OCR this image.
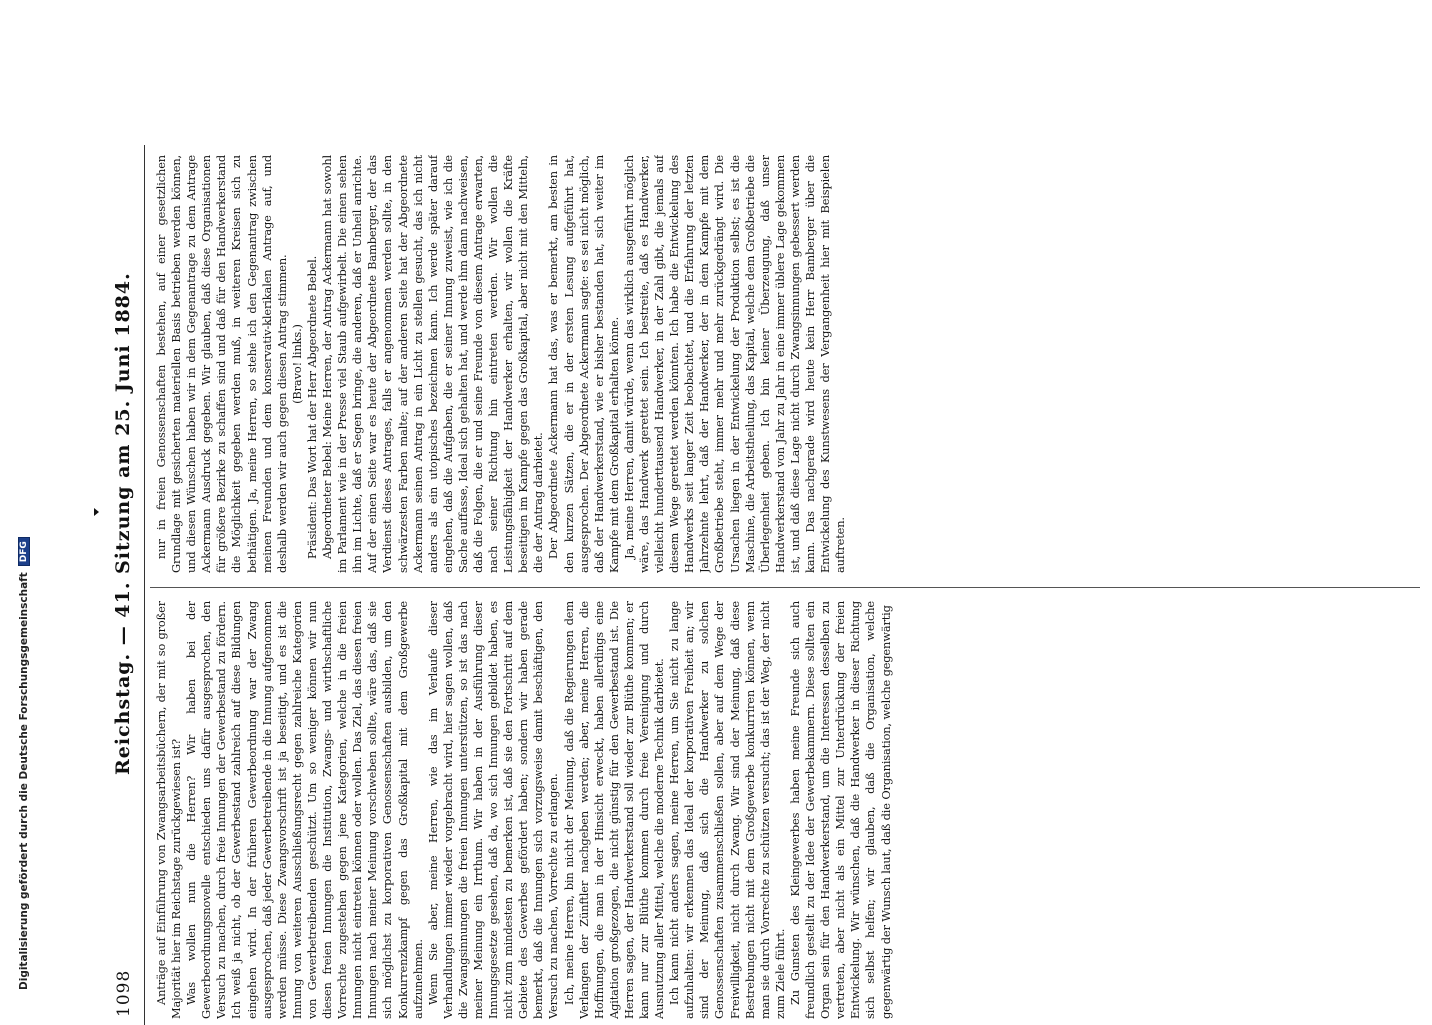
Digitalisierung gefördert durch die Deutsche ForschungsgemeinschaftDFG
1098
Reichstag. — 41. Sitzung am 25. Juni 1884.

Anträge auf Einführung von Zwangsarbeitsbüchern, der mit so großer Majorität hier im Reichstage zurückgewiesen ist? Was wollen nun die Herren? Wir haben bei der Gewerbeordnungsnovelle entschieden uns dafür ausgesprochen, den Versuch zu machen, durch freie Innungen der Gewerbestand zu fördern. Ich weiß ja nicht, ob der Gewerbestand zahlreich auf diese Bildungen eingehen wird. In der früheren Gewerbeordnung war der Zwang ausgesprochen, daß jeder Gewerbetreibende in die Innung aufgenommen werden müsse. Diese Zwangsvorschrift ist ja beseitigt, und es ist die Innung von weiteren Ausschließungsrecht gegen zahlreiche Kategorien von Gewerbetreibenden geschützt. Um so weniger können wir nun diesen freien Innungen die Institution, Zwangs- und wirthschaftliche Vorrechte zugestehen gegen jene Kategorien, welche in die freien Innungen nicht eintreten können oder wollen. Das Ziel, das diesen freien Innungen nach meiner Meinung vorschweben sollte, wäre das, daß sie sich möglichst zu korporativen Genossenschaften ausbilden, um den Konkurrenzkampf gegen das Großkapital mit dem Großgewerbe aufzunehmen. Wenn Sie aber, meine Herren, wie das im Verlaufe dieser Verhandlungen immer wieder vorgebracht wird, hier sagen wollen, daß die Zwangsinnungen die freien Innungen unterstützen, so ist das nach meiner Meinung ein Irrthum. Wir haben in der Ausführung dieser Innungsgesetze gesehen, daß da, wo sich Innungen gebildet haben, es nicht zum mindesten zu bemerken ist, daß sie den Fortschritt auf dem Gebiete des Gewerbes gefördert haben; sondern wir haben gerade bemerkt, daß die Innungen sich vorzugsweise damit beschäftigen, den Versuch zu machen, Vorrechte zu erlangen. Ich, meine Herren, bin nicht der Meinung, daß die Regierungen dem Verlangen der Zünftler nachgeben werden; aber, meine Herren, die Hoffnungen, die man in der Hinsicht erweckt, haben allerdings eine Agitation großgezogen, die nicht günstig für den Gewerbestand ist. Die Herren sagen, der Handwerkerstand soll wieder zur Blüthe kommen; er kann nur zur Blüthe kommen durch freie Vereinigung und durch Ausnutzung aller Mittel, welche die moderne Technik darbietet. Ich kann nicht anders sagen, meine Herren, um Sie nicht zu lange aufzuhalten: wir erkennen das Ideal der korporativen Freiheit an; wir sind der Meinung, daß sich die Handwerker zu solchen Genossenschaften zusammenschließen sollen, aber auf dem Wege der Freiwilligkeit, nicht durch Zwang. Wir sind der Meinung, daß diese Bestrebungen nicht mit dem Großgewerbe konkurriren können, wenn man sie durch Vorrechte zu schützen versucht; das ist der Weg, der nicht zum Ziele führt. Zu Gunsten des Kleingewerbes haben meine Freunde sich auch freundlich gestellt zu der Idee der Gewerbekammern. Diese sollten ein Organ sein für den Handwerkerstand, um die Interessen desselben zu vertreten, aber nicht als ein Mittel zur Unterdrückung der freien Entwickelung. Wir wünschen, daß die Handwerker in dieser Richtung sich selbst helfen; wir glauben, daß die Organisation, welche gegenwärtig der Wunsch laut, daß die Organisation, welche gegenwärtig

nur in freien Genossenschaften bestehen, auf einer gesetzlichen Grundlage mit gesicherten materiellen Basis betrieben werden können, und diesen Wünschen haben wir in dem Gegenantrage zu dem Antrage Ackermann Ausdruck gegeben. Wir glauben, daß diese Organisationen für größere Bezirke zu schaffen sind und daß für den Handwerkerstand die Möglichkeit gegeben werden muß, in weiteren Kreisen sich zu bethätigen. Ja, meine Herren, so stehe ich den Gegenantrag zwischen meinen Freunden und dem konservativ-klerikalen Antrage auf, und deshalb werden wir auch gegen diesen Antrag stimmen. (Bravo! links.) Präsident: Das Wort hat der Herr Abgeordnete Bebel. Abgeordneter Bebel: Meine Herren, der Antrag Ackermann hat sowohl im Parlament wie in der Presse viel Staub aufgewirbelt. Die einen sehen ihn im Lichte, daß er Segen bringe, die anderen, daß er Unheil anrichte. Auf der einen Seite war es heute der Abgeordnete Bamberger, der das Verdienst dieses Antrages, falls er angenommen werden sollte, in den schwärzesten Farben malte; auf der anderen Seite hat der Abgeordnete Ackermann seinen Antrag in ein Licht zu stellen gesucht, das ich nicht anders als ein utopisches bezeichnen kann. Ich werde später darauf eingehen, daß die Aufgaben, die er seiner Innung zuweist, wie ich die Sache auffasse, Ideal sich gehalten hat, und werde ihm dann nachweisen, daß die Folgen, die er und seine Freunde von diesem Antrage erwarten, nach seiner Richtung hin eintreten werden. Wir wollen die Leistungsfähigkeit der Handwerker erhalten, wir wollen die Kräfte beseitigen im Kampfe gegen das Großkapital, aber nicht mit den Mitteln, die der Antrag darbietet. Der Abgeordnete Ackermann hat das, was er bemerkt, am besten in den kurzen Sätzen, die er in der ersten Lesung aufgeführt hat, ausgesprochen. Der Abgeordnete Ackermann sagte: es sei nicht möglich, daß der Handwerkerstand, wie er bisher bestanden hat, sich weiter im Kampfe mit dem Großkapital erhalten könne. Ja, meine Herren, damit würde, wenn das wirklich ausgeführt möglich wäre, das Handwerk gerettet sein. Ich bestreite, daß es Handwerker, vielleicht hunderttausend Handwerker, in der Zahl gibt, die jemals auf diesem Wege gerettet werden könnten. Ich habe die Entwickelung des Handwerks seit langer Zeit beobachtet, und die Erfahrung der letzten Jahrzehnte lehrt, daß der Handwerker, der in dem Kampfe mit dem Großbetriebe steht, immer mehr und mehr zurückgedrängt wird. Die Ursachen liegen in der Entwickelung der Produktion selbst; es ist die Maschine, die Arbeitstheilung, das Kapital, welche dem Großbetriebe die Überlegenheit geben. Ich bin keiner Überzeugung, daß unser Handwerkerstand von Jahr zu Jahr in eine immer üblere Lage gekommen ist, und daß diese Lage nicht durch Zwangsinnungen gebessert werden kann. Das nachgerade wird heute kein Herr Bamberger über die Entwickelung des Kunstwesens der Vergangenheit hier mit Beispielen auftreten.
